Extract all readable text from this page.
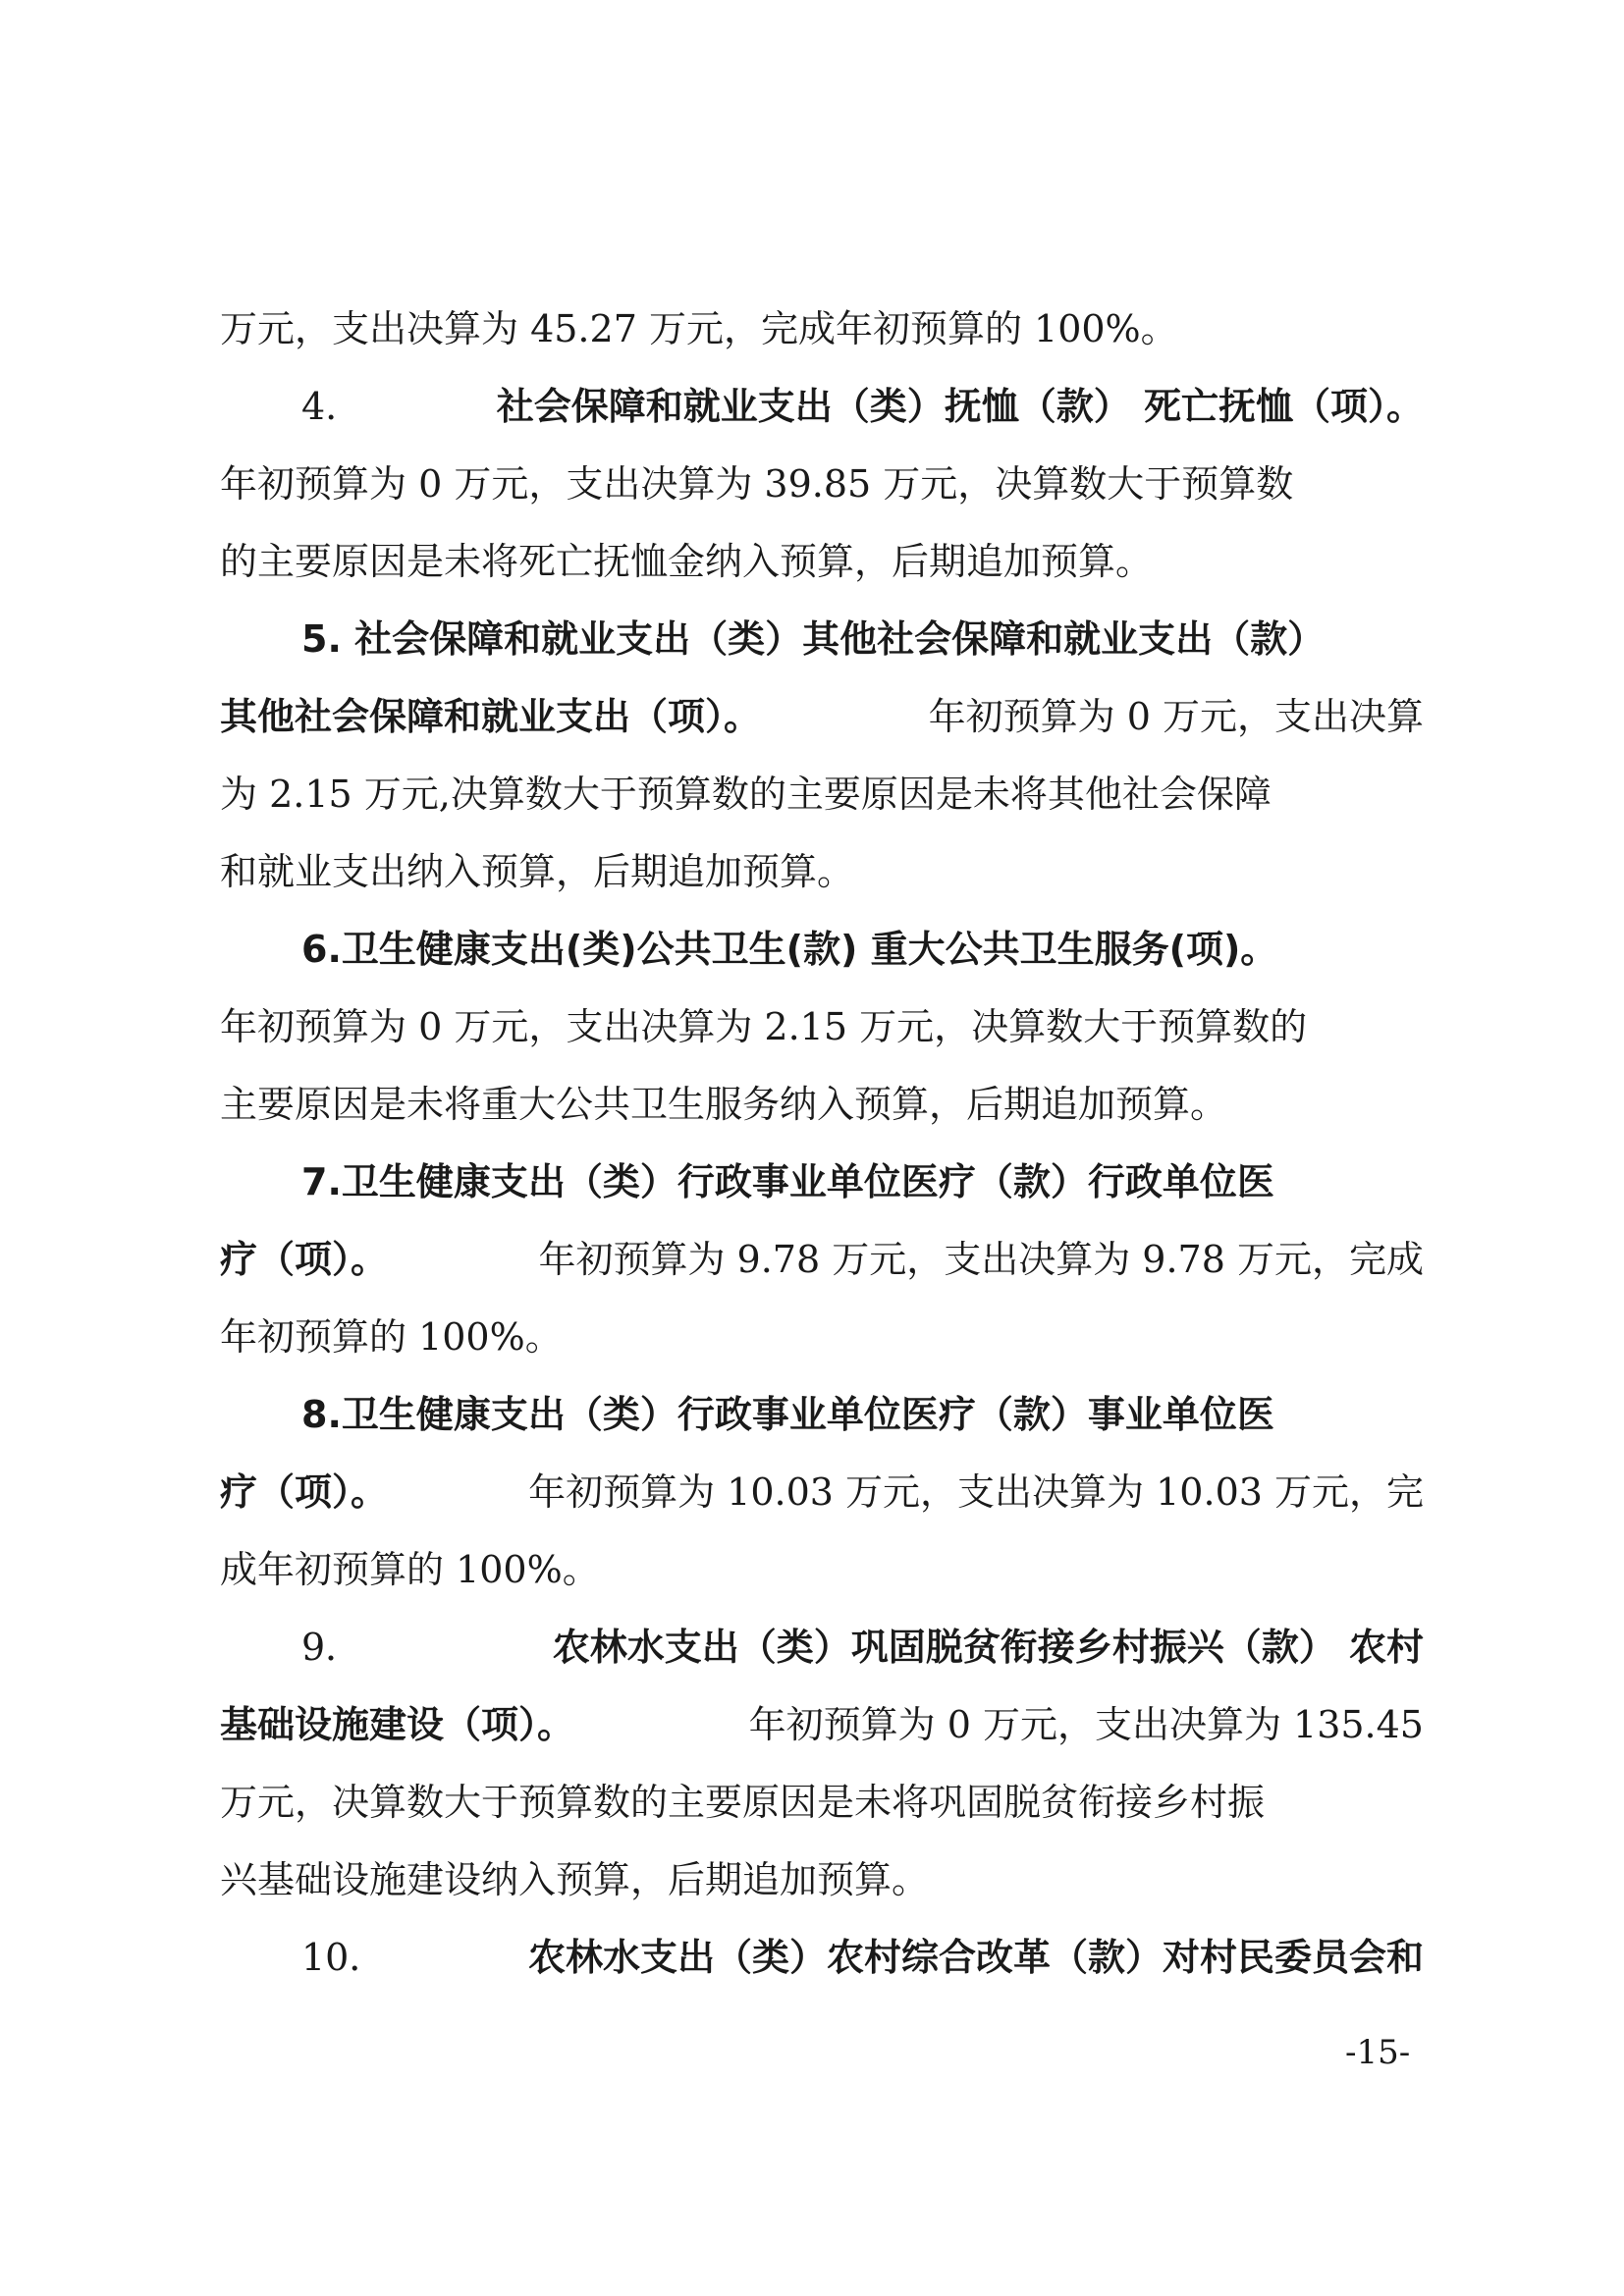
万元，支出决算为 45.27 万元，完成年初预算的 100%。
4.	社会保障和就业支出（类）抚恤（款） 死亡抚恤（项）。
年初预算为 0 万元，支出决算为 39.85 万元，决算数大于预算数
的主要原因是未将死亡抚恤金纳入预算，后期追加预算。
5. 社会保障和就业支出（类）其他社会保障和就业支出（款）
其他社会保障和就业支出（项）。	年初预算为 0 万元，支出决算
为 2.15 万元,决算数大于预算数的主要原因是未将其他社会保障
和就业支出纳入预算，后期追加预算。
6.卫生健康支出(类)公共卫生(款) 重大公共卫生服务(项)。
年初预算为 0 万元，支出决算为 2.15 万元，决算数大于预算数的
主要原因是未将重大公共卫生服务纳入预算，后期追加预算。
7.卫生健康支出（类）行政事业单位医疗（款）行政单位医
疗（项）。	年初预算为 9.78 万元，支出决算为 9.78 万元，完成
年初预算的 100%。
8.卫生健康支出（类）行政事业单位医疗（款）事业单位医
疗（项）。	年初预算为 10.03 万元，支出决算为 10.03 万元，完
成年初预算的 100%。
9．	农林水支出（类）巩固脱贫衔接乡村振兴（款） 农村
基础设施建设（项）。	年初预算为 0 万元，支出决算为 135.45
万元，决算数大于预算数的主要原因是未将巩固脱贫衔接乡村振
兴基础设施建设纳入预算，后期追加预算。
10．	农林水支出（类）农村综合改革（款）对村民委员会和
-15-
